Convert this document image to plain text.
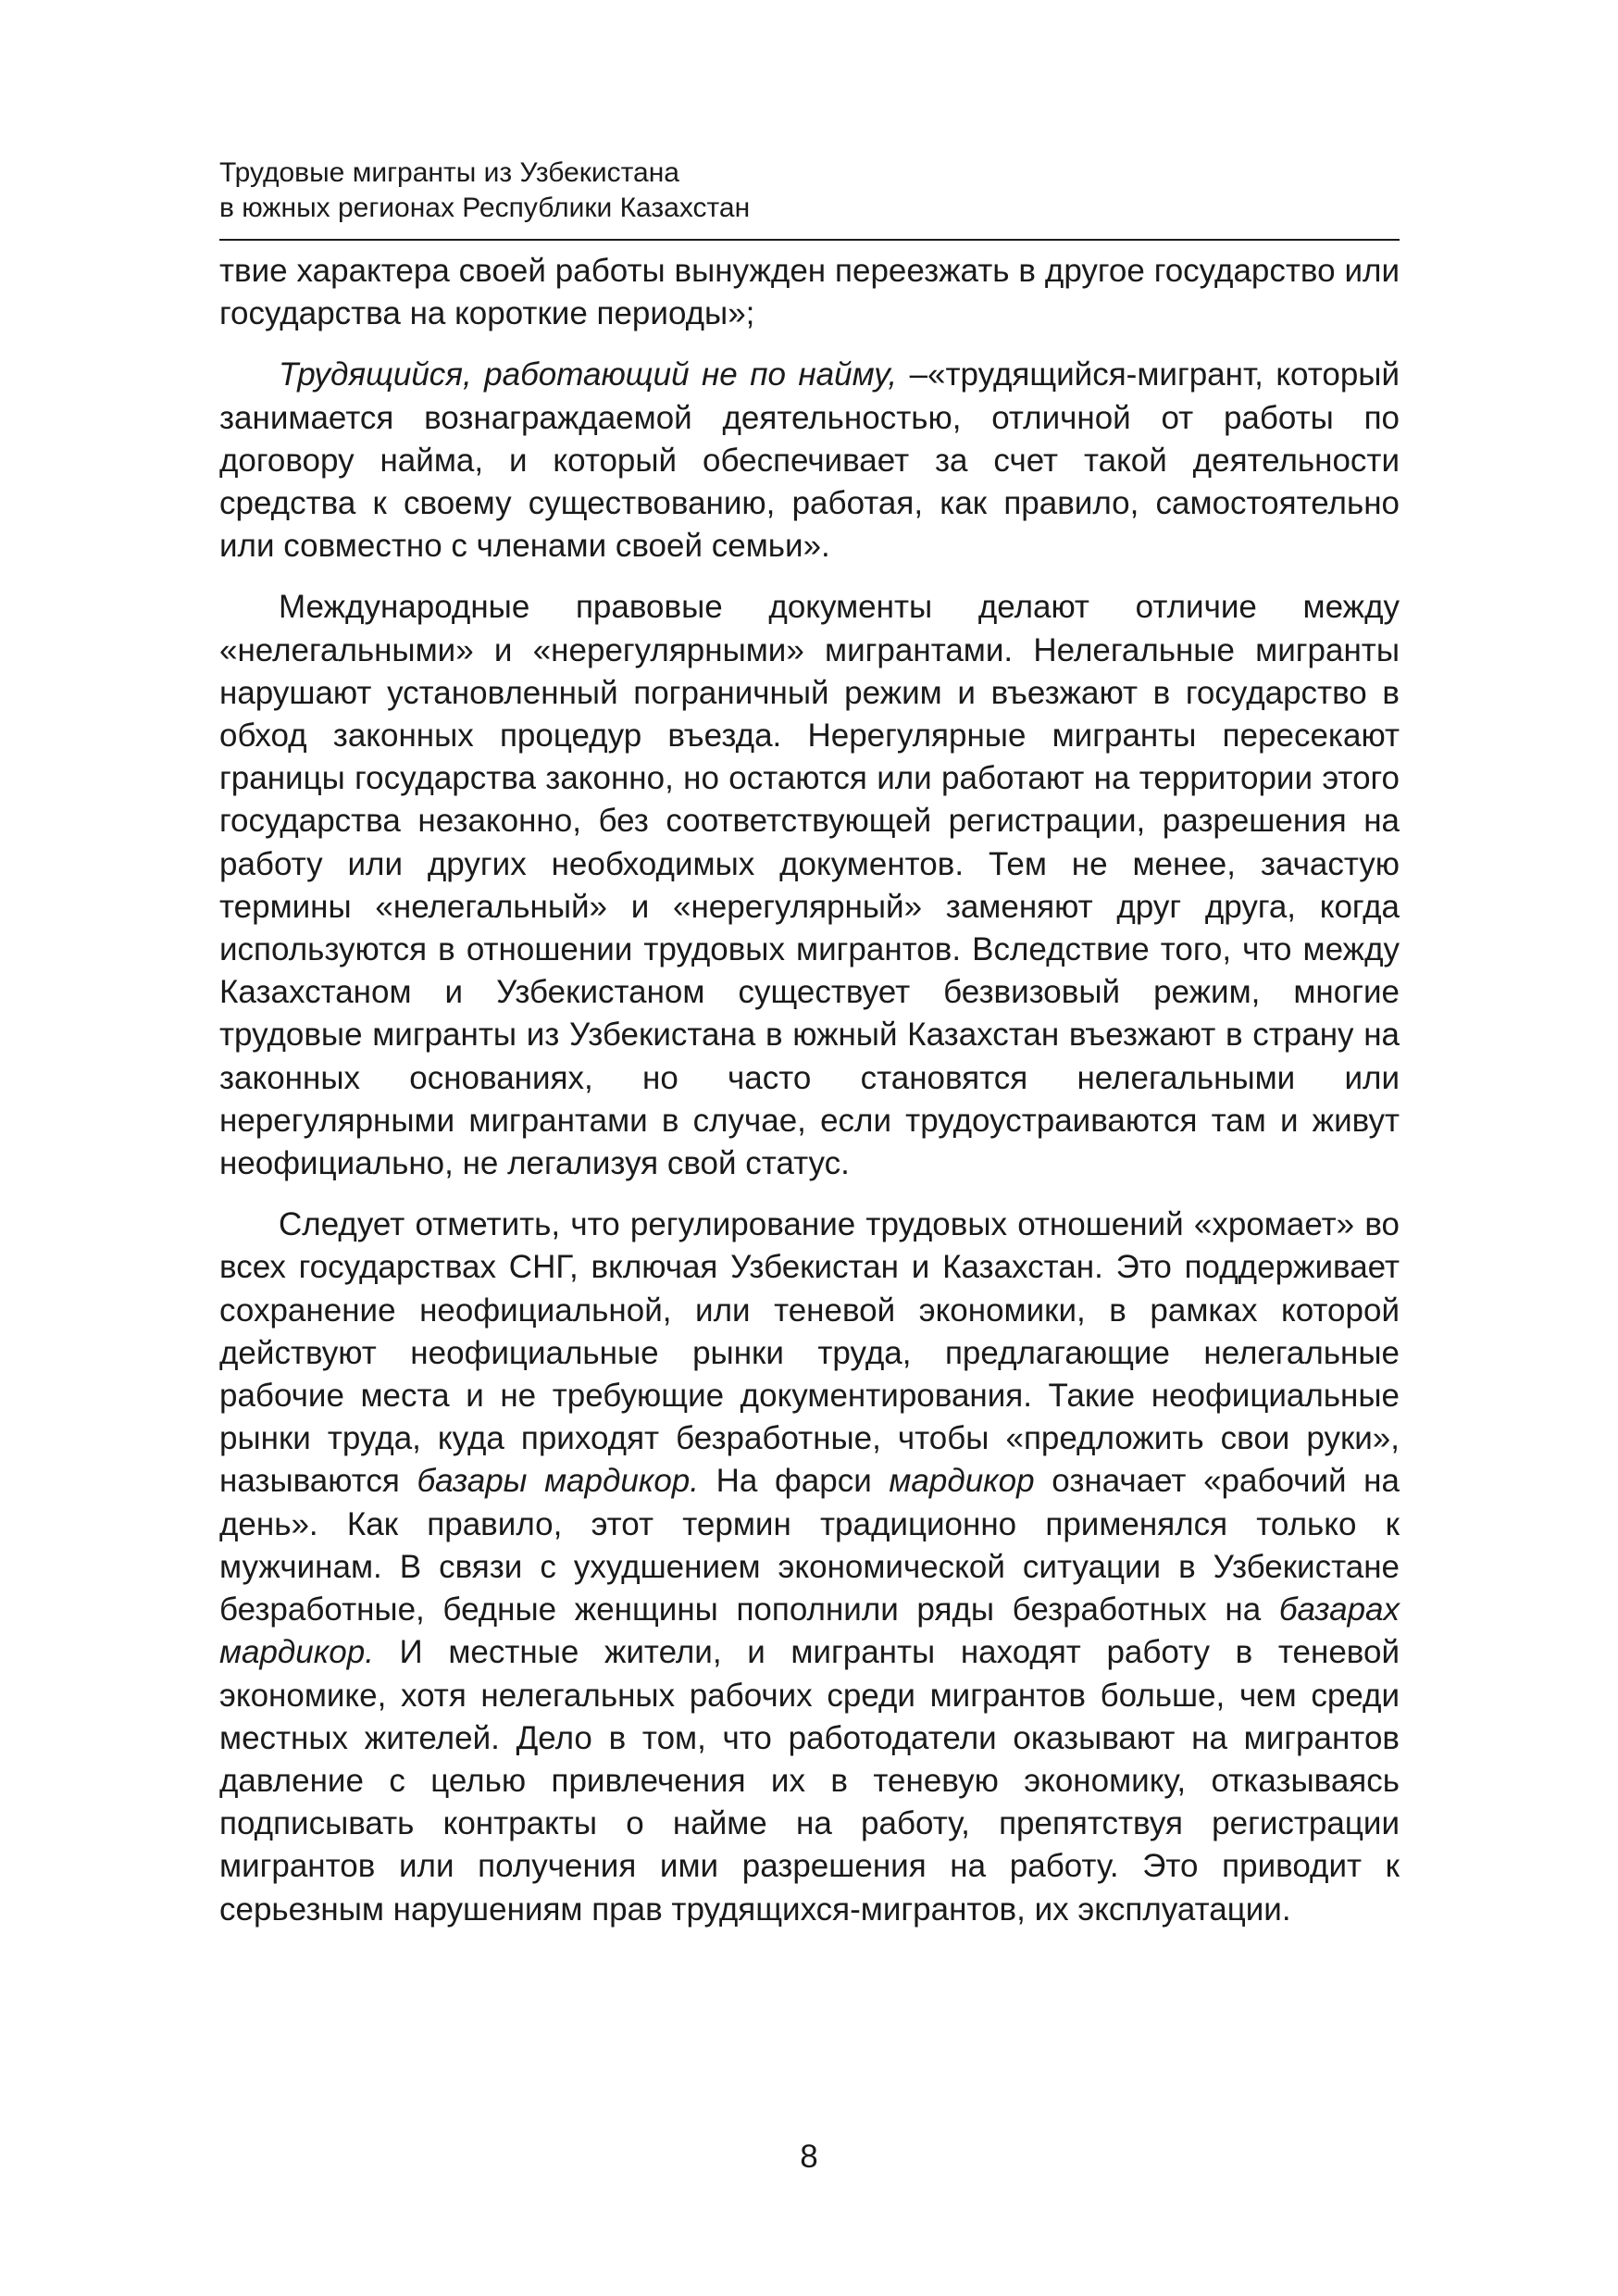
Трудовые мигранты из Узбекистана
в южных регионах Республики Казахстан

твие характера своей работы вынужден переезжать в другое государство или государства на короткие периоды»;

Трудящийся, работающий не по найму, –«трудящийся-мигрант, который занимается вознаграждаемой деятельностью, отличной от работы по договору найма, и который обеспечивает за счет такой деятельности средства к своему существованию, работая, как правило, самостоятельно или совместно с членами своей семьи».

Международные правовые документы делают отличие между «нелегальными» и «нерегулярными» мигрантами. Нелегальные мигранты нарушают установленный пограничный режим и въезжают в государство в обход законных процедур въезда. Нерегулярные мигранты пересекают границы государства законно, но остаются или работают на территории этого государства незаконно, без соответствующей регистрации, разрешения на работу или других необходимых документов. Тем не менее, зачастую термины «нелегальный» и «нерегулярный» заменяют друг друга, когда используются в отношении трудовых мигрантов. Вследствие того, что между Казахстаном и Узбекистаном существует безвизовый режим, многие трудовые мигранты из Узбекистана в южный Казахстан въезжают в страну на законных основаниях, но часто становятся нелегальными или нерегулярными мигрантами в случае, если трудоустраиваются там и живут неофициально, не легализуя свой статус.

Следует отметить, что регулирование трудовых отношений «хромает» во всех государствах СНГ, включая Узбекистан и Казахстан. Это поддерживает сохранение неофициальной, или теневой экономики, в рамках которой действуют неофициальные рынки труда, предлагающие нелегальные рабочие места и не требующие документирования. Такие неофициальные рынки труда, куда приходят безработные, чтобы «предложить свои руки», называются базары мардикор. На фарси мардикор означает «рабочий на день». Как правило, этот термин традиционно применялся только к мужчинам. В связи с ухудшением экономической ситуации в Узбекистане безработные, бедные женщины пополнили ряды безработных на базарах мардикор. И местные жители, и мигранты находят работу в теневой экономике, хотя нелегальных рабочих среди мигрантов больше, чем среди местных жителей. Дело в том, что работодатели оказывают на мигрантов давление с целью привлечения их в теневую экономику, отказываясь подписывать контракты о найме на работу, препятствуя регистрации мигрантов или получения ими разрешения на работу. Это приводит к серьезным нарушениям прав трудящихся-мигрантов, их эксплуатации.

8
